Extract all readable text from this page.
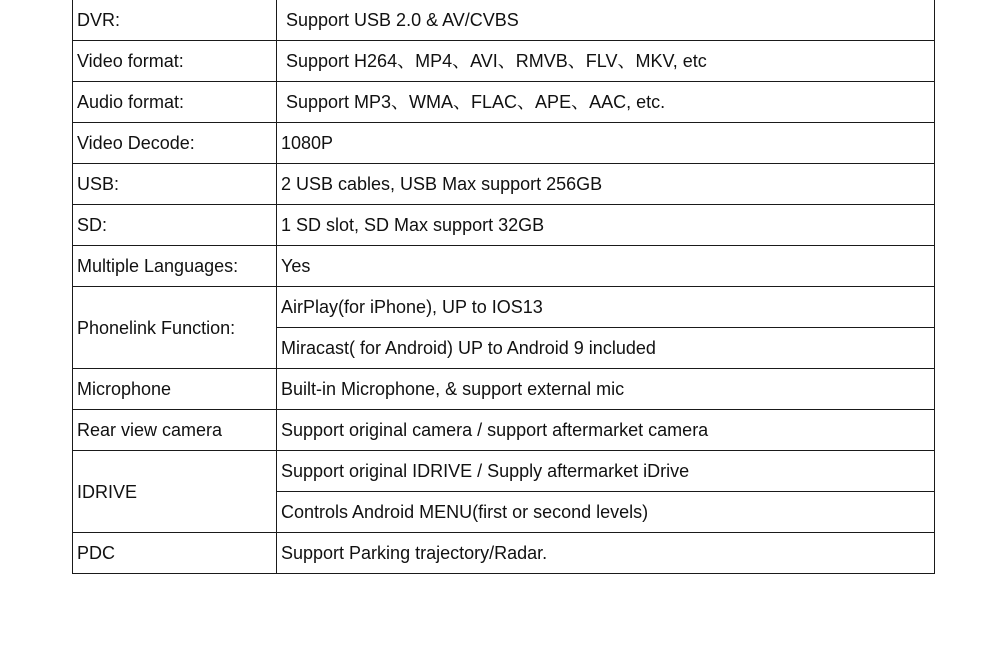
DVR:	Support USB 2.0 & AV/CVBS
Video format:	Support H264、MP4、AVI、RMVB、FLV、MKV, etc
Audio format:	Support MP3、WMA、FLAC、APE、AAC, etc.
Video Decode:	1080P
USB:	2 USB cables, USB Max support 256GB
SD:	1 SD slot, SD Max support 32GB
Multiple Languages:	Yes
Phonelink Function:	AirPlay(for iPhone), UP to IOS13
	Miracast( for Android) UP to Android 9 included
Microphone	Built-in Microphone, & support external mic
Rear view camera	Support original camera / support aftermarket camera
IDRIVE	Support original IDRIVE / Supply aftermarket iDrive
	Controls Android MENU(first or second levels)
PDC	Support Parking trajectory/Radar.
